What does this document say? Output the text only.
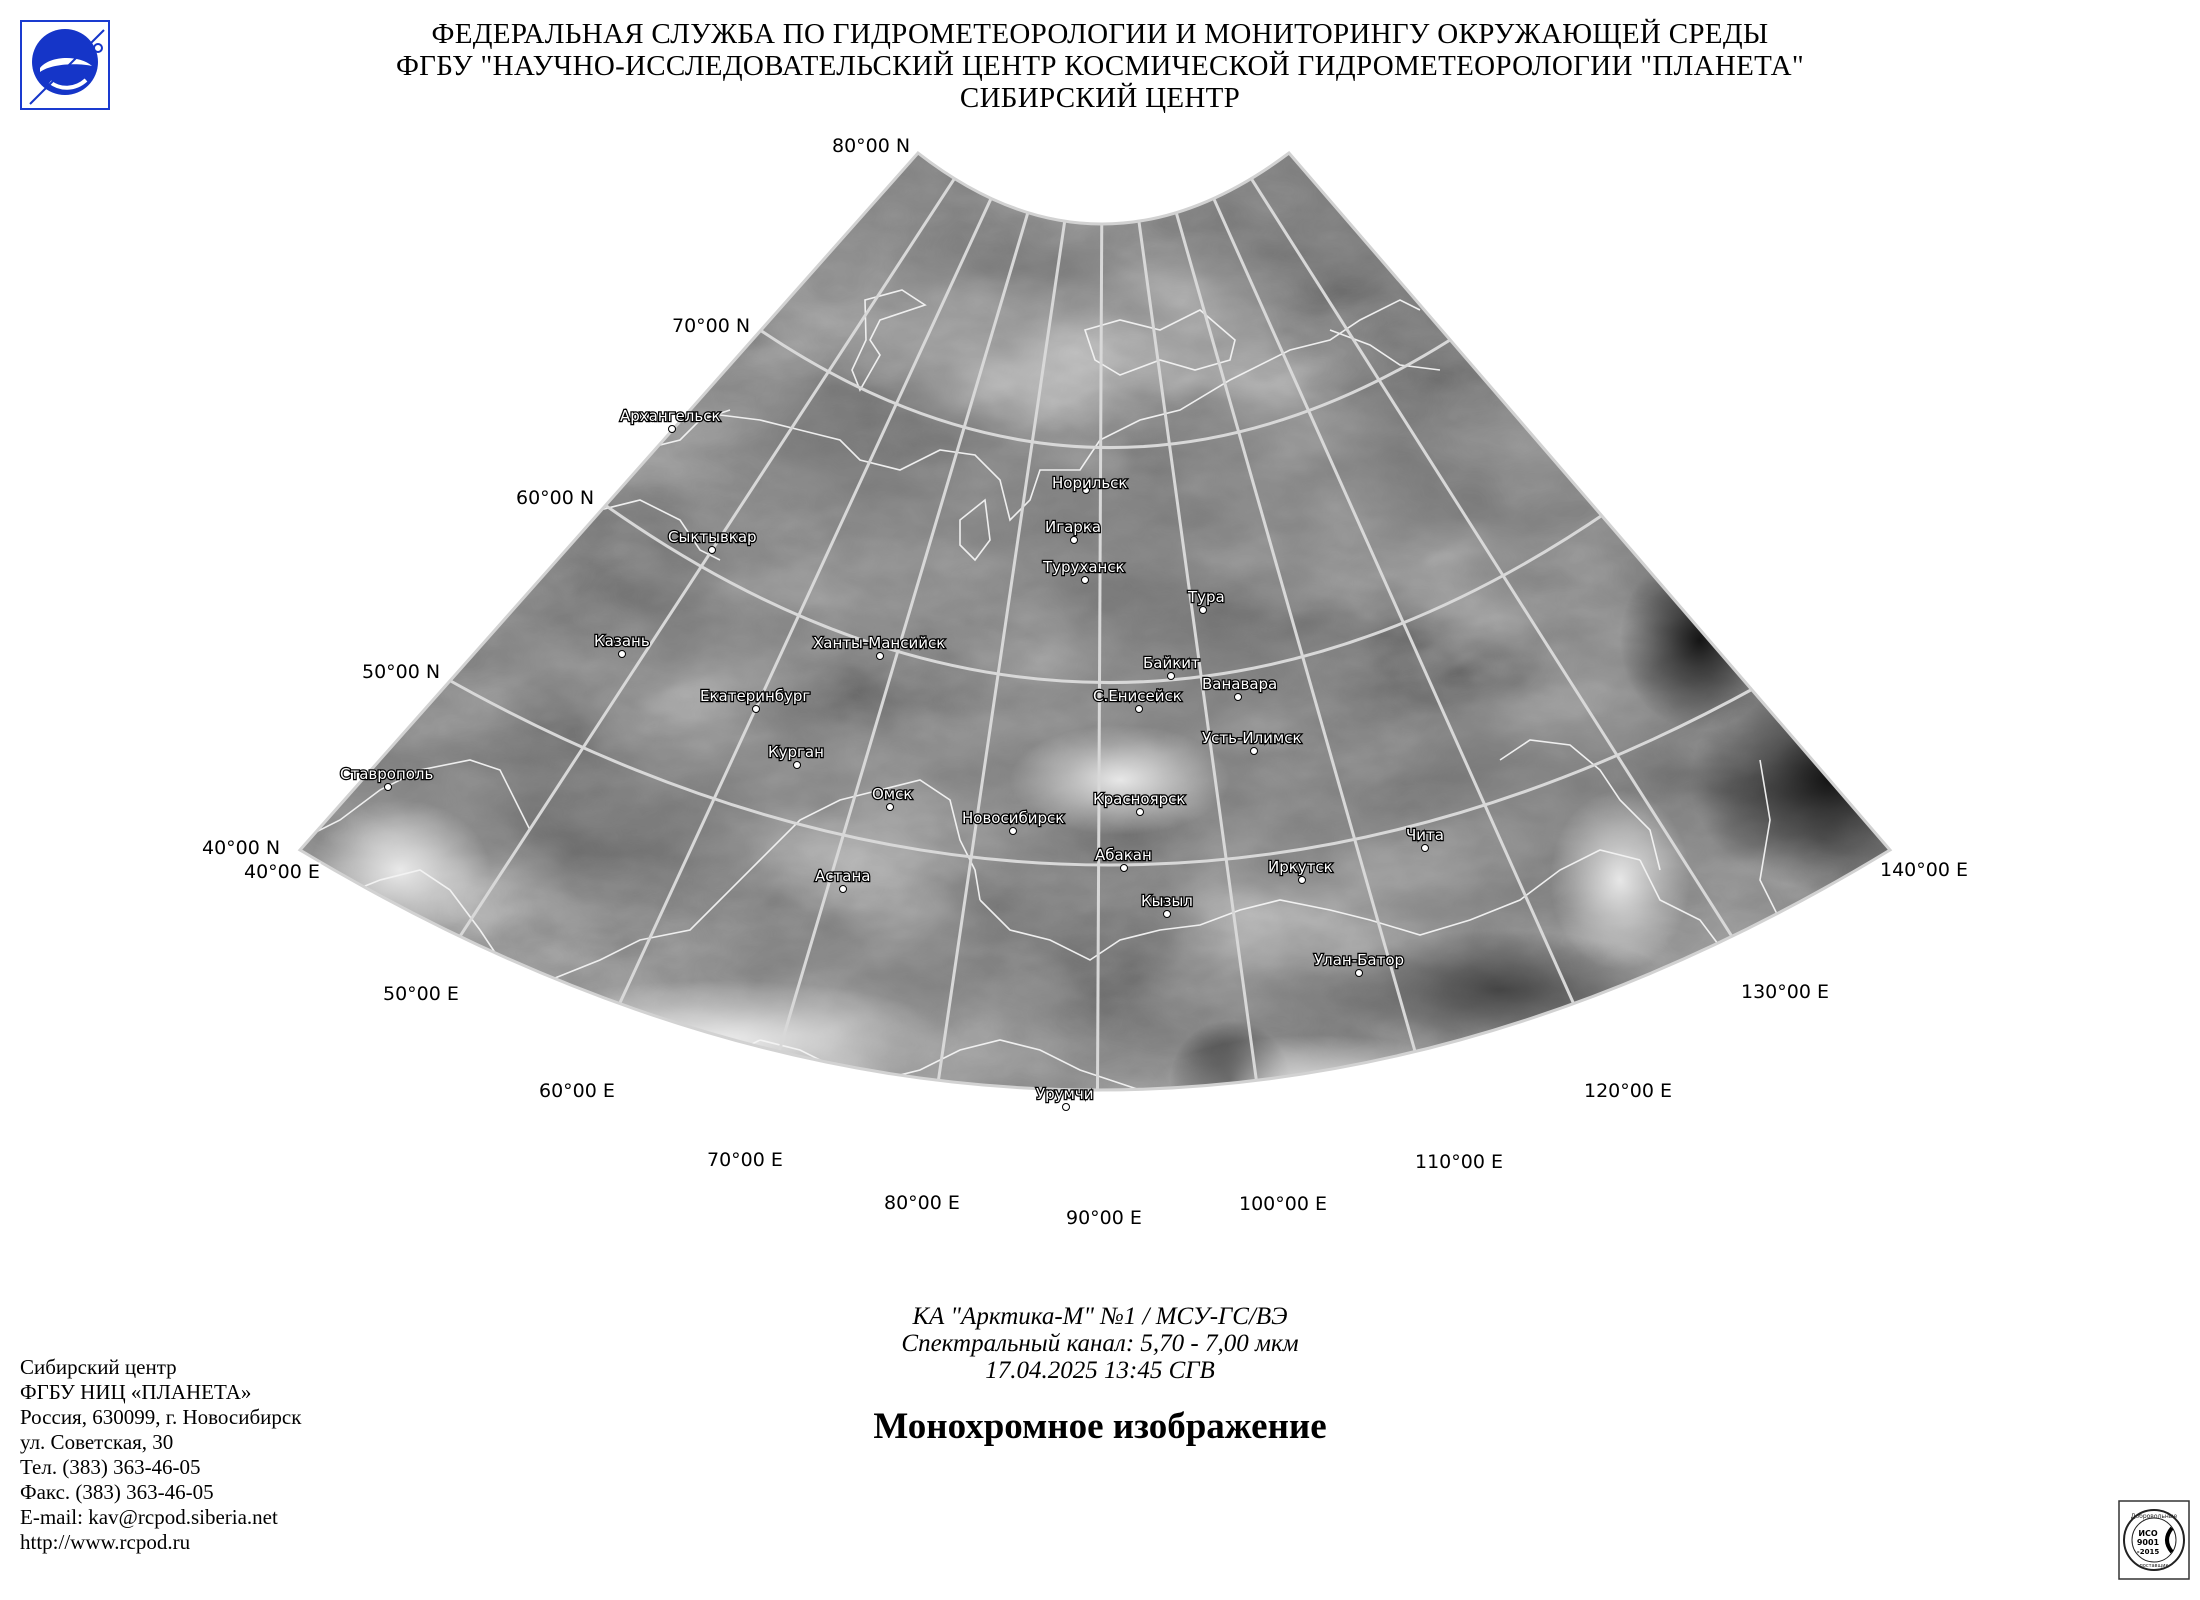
ФЕДЕРАЛЬНАЯ СЛУЖБА ПО ГИДРОМЕТЕОРОЛОГИИ И МОНИТОРИНГУ ОКРУЖАЮЩЕЙ СРЕДЫ
ФГБУ "НАУЧНО-ИССЛЕДОВАТЕЛЬСКИЙ ЦЕНТР КОСМИЧЕСКОЙ ГИДРОМЕТЕОРОЛОГИИ "ПЛАНЕТА"
СИБИРСКИЙ ЦЕНТР
Архангельск
Сыктывкар
Казань
Ставрополь
Екатеринбург
Ханты-Мансийск
Курган
Омск
Астана
Новосибирск
Норильск
Игарка
Туруханск
Тура
Байкит
Ванавара
С.Енисейск
Усть-Илимск
Красноярск
Абакан
Кызыл
Иркутск
Чита
Улан-Батор
Урумчи
80°00 N
70°00 N
60°00 N
50°00 N
40°00 N
40°00 E
50°00 E
60°00 E
70°00 E
80°00 E
90°00 E
100°00 E
110°00 E
120°00 E
130°00 E
140°00 E
КА "Арктика-М" №1 / МСУ-ГС/ВЭ
Спектральный канал: 5,70 - 7,00 мкм
17.04.2025 13:45 СГВ
Монохромное изображение
Сибирский центр
ФГБУ НИЦ «ПЛАНЕТА»
Россия, 630099, г. Новосибирск
ул. Советская, 30
Тел. (383) 363-46-05
Факс. (383) 363-46-05
E-mail: kav@rcpod.siberia.net
http://www.rcpod.ru
Добровольные
ИСО
9001
-2015
поставщик
